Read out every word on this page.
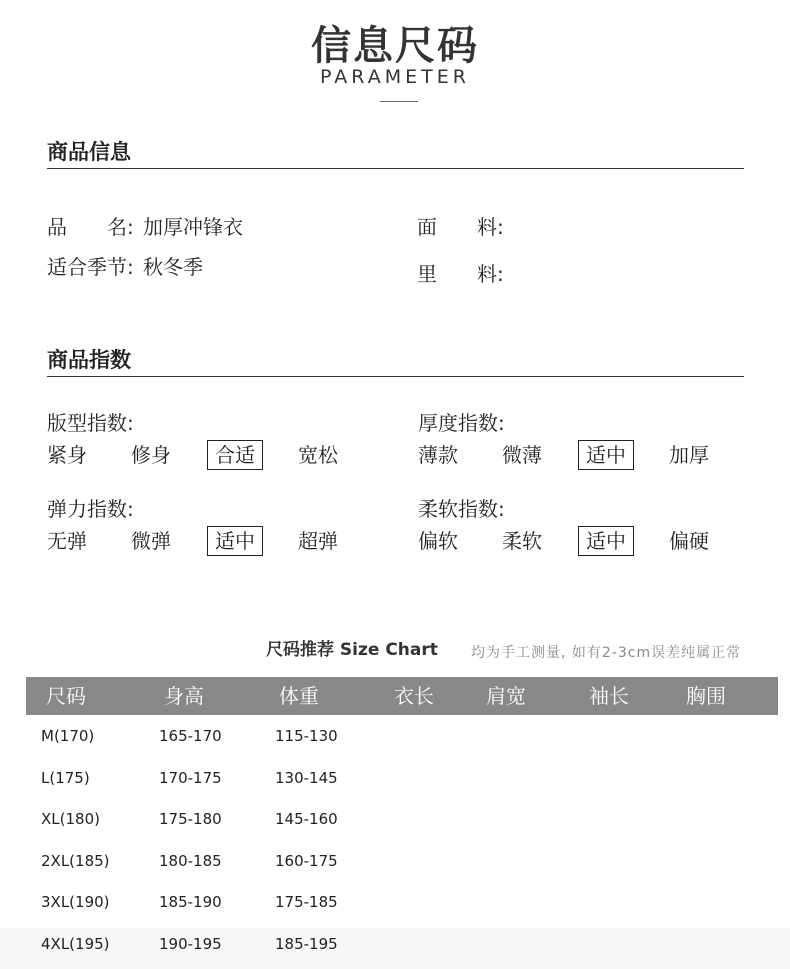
信息尺码
PARAMETER
商品信息
品　　名: 加厚冲锋衣
适合季节: 秋冬季
面　　料:
里　　料:
商品指数
版型指数:
紧身 修身	合适	宽松
厚度指数:
薄款 微薄	适中	加厚
弹力指数:
无弹 微弹	适中	超弹
柔软指数:
偏软 柔软	适中	偏硬
尺码推荐 Size Chart 均为手工测量, 如有2-3cm误差纯属正常
尺码	身高	体重	衣长	肩宽	袖长	胸围
M(170)	165-170	115-130
L(175)	170-175	130-145
XL(180)	175-180	145-160
2XL(185)	180-185	160-175
3XL(190)	185-190	175-185
4XL(195)	190-195	185-195
